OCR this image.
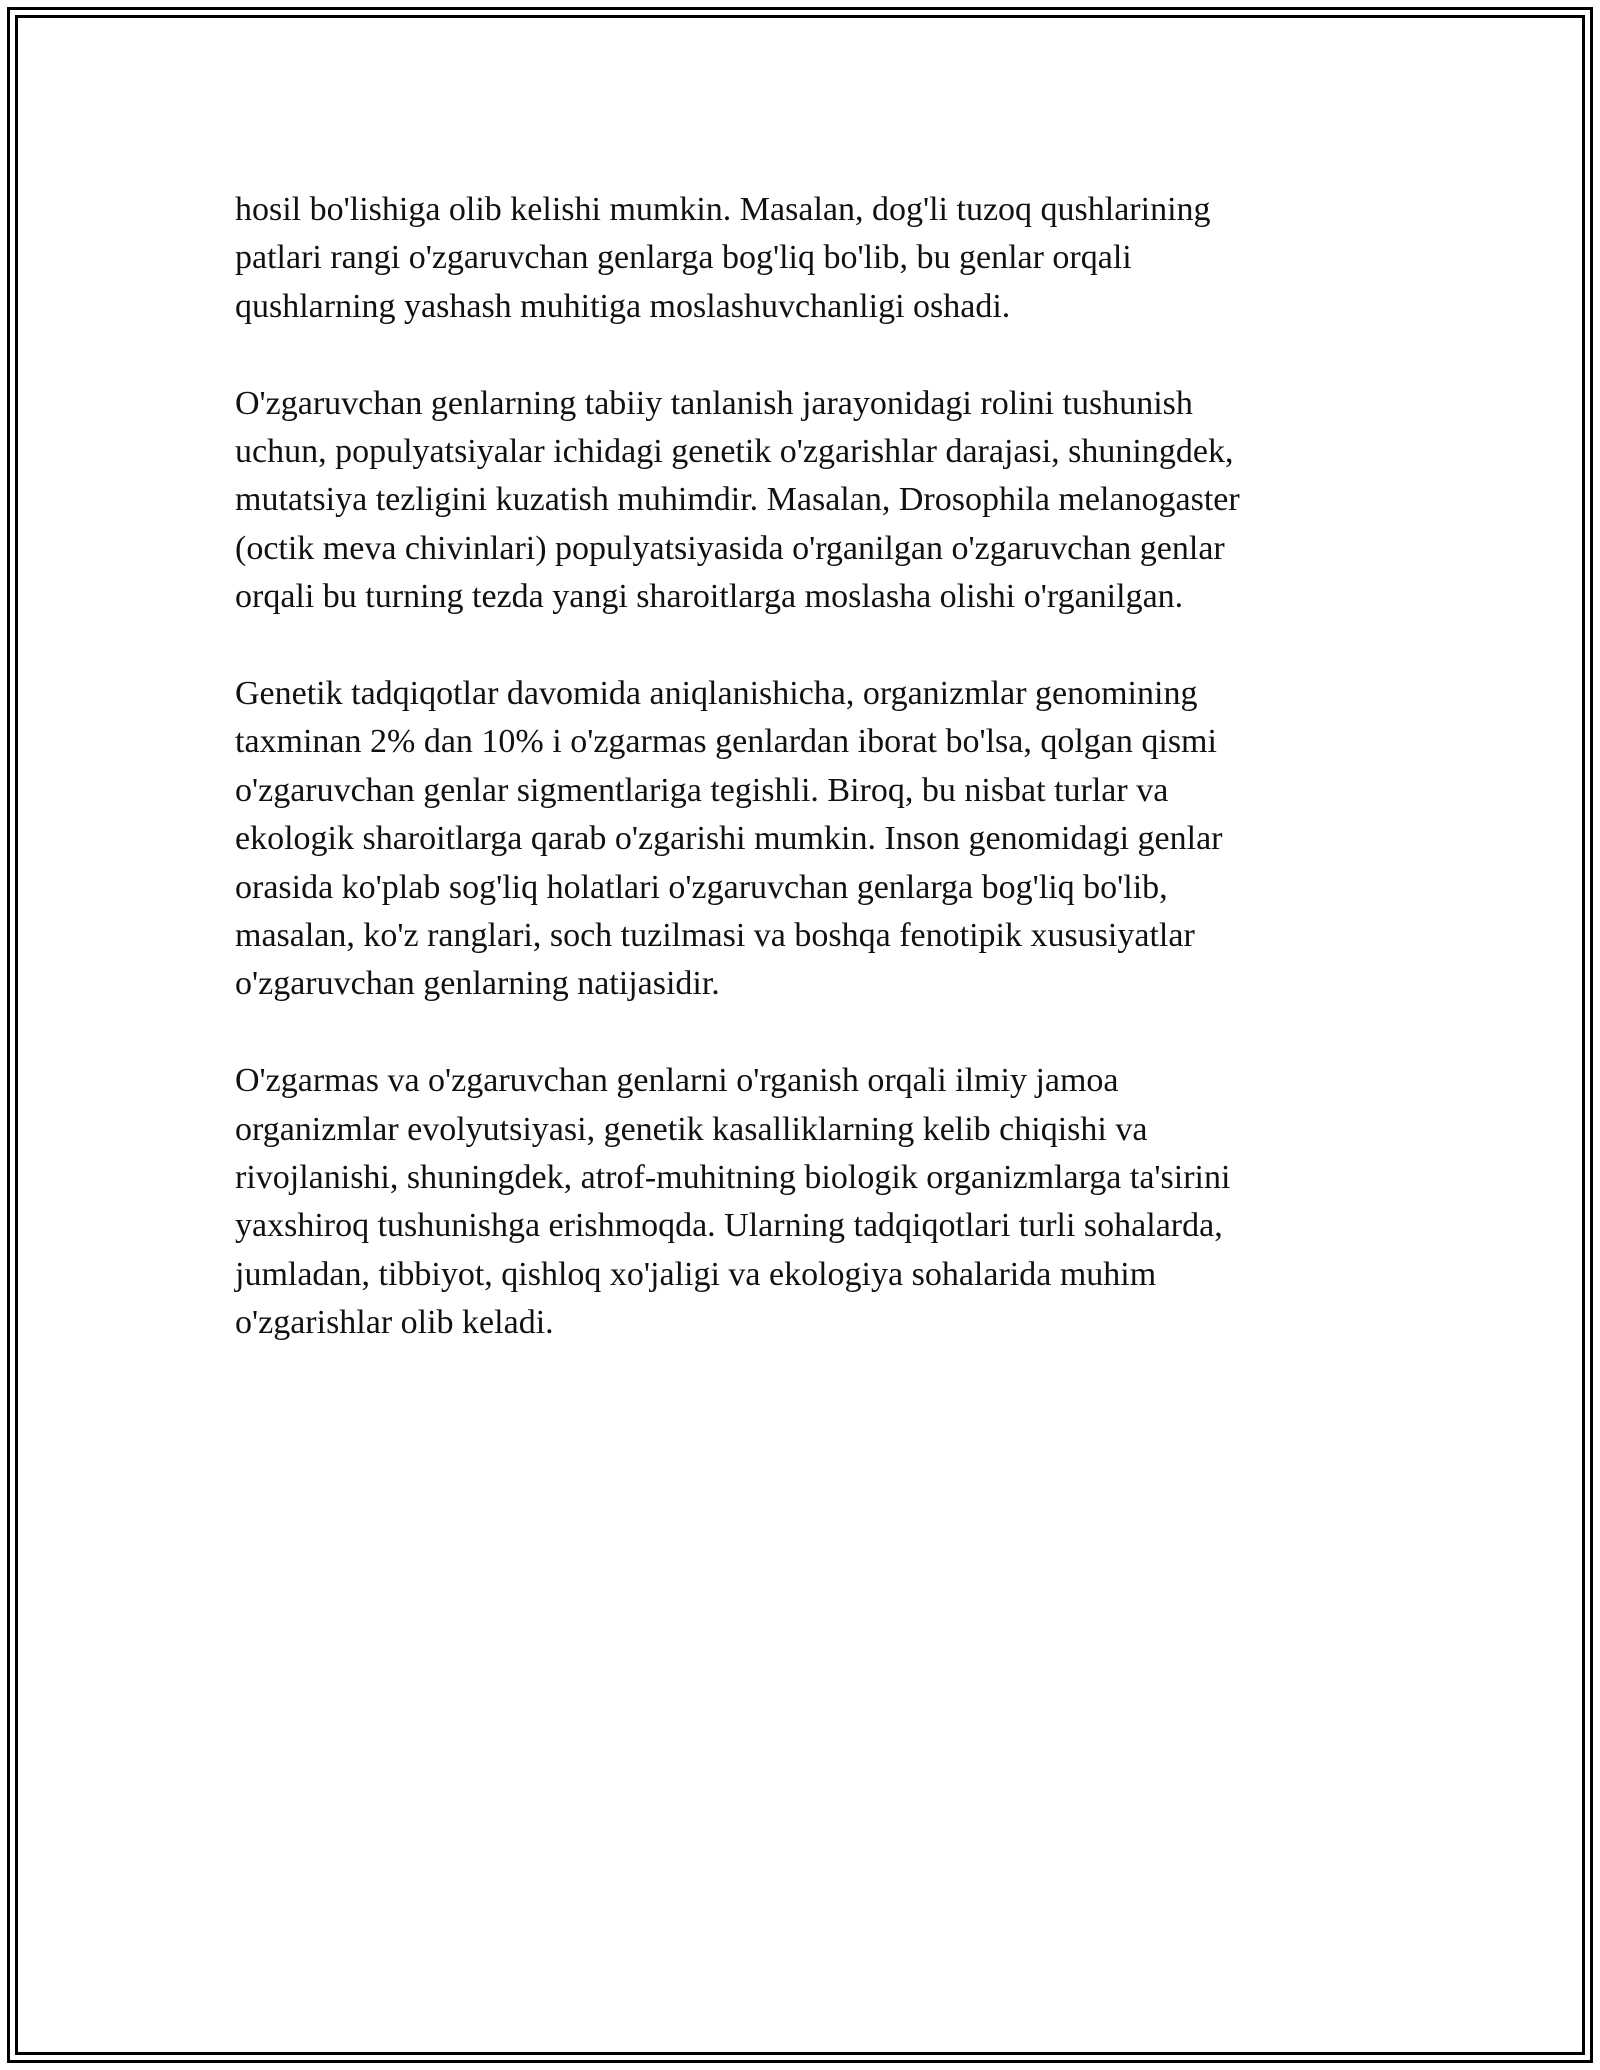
hosil bo'lishiga olib kelishi mumkin. Masalan, dog'li tuzoq qushlarining
patlari rangi o'zgaruvchan genlarga bog'liq bo'lib, bu genlar orqali
qushlarning yashash muhitiga moslashuvchanligi oshadi.

O'zgaruvchan genlarning tabiiy tanlanish jarayonidagi rolini tushunish
uchun, populyatsiyalar ichidagi genetik o'zgarishlar darajasi, shuningdek,
mutatsiya tezligini kuzatish muhimdir. Masalan, Drosophila melanogaster
(octik meva chivinlari) populyatsiyasida o'rganilgan o'zgaruvchan genlar
orqali bu turning tezda yangi sharoitlarga moslasha olishi o'rganilgan.

Genetik tadqiqotlar davomida aniqlanishicha, organizmlar genomining
taxminan 2% dan 10% i o'zgarmas genlardan iborat bo'lsa, qolgan qismi
o'zgaruvchan genlar sigmentlariga tegishli. Biroq, bu nisbat turlar va
ekologik sharoitlarga qarab o'zgarishi mumkin. Inson genomidagi genlar
orasida ko'plab sog'liq holatlari o'zgaruvchan genlarga bog'liq bo'lib,
masalan, ko'z ranglari, soch tuzilmasi va boshqa fenotipik xususiyatlar
o'zgaruvchan genlarning natijasidir.

O'zgarmas va o'zgaruvchan genlarni o'rganish orqali ilmiy jamoa
organizmlar evolyutsiyasi, genetik kasalliklarning kelib chiqishi va
rivojlanishi, shuningdek, atrof-muhitning biologik organizmlarga ta'sirini
yaxshiroq tushunishga erishmoqda. Ularning tadqiqotlari turli sohalarda,
jumladan, tibbiyot, qishloq xo'jaligi va ekologiya sohalarida muhim
o'zgarishlar olib keladi.
